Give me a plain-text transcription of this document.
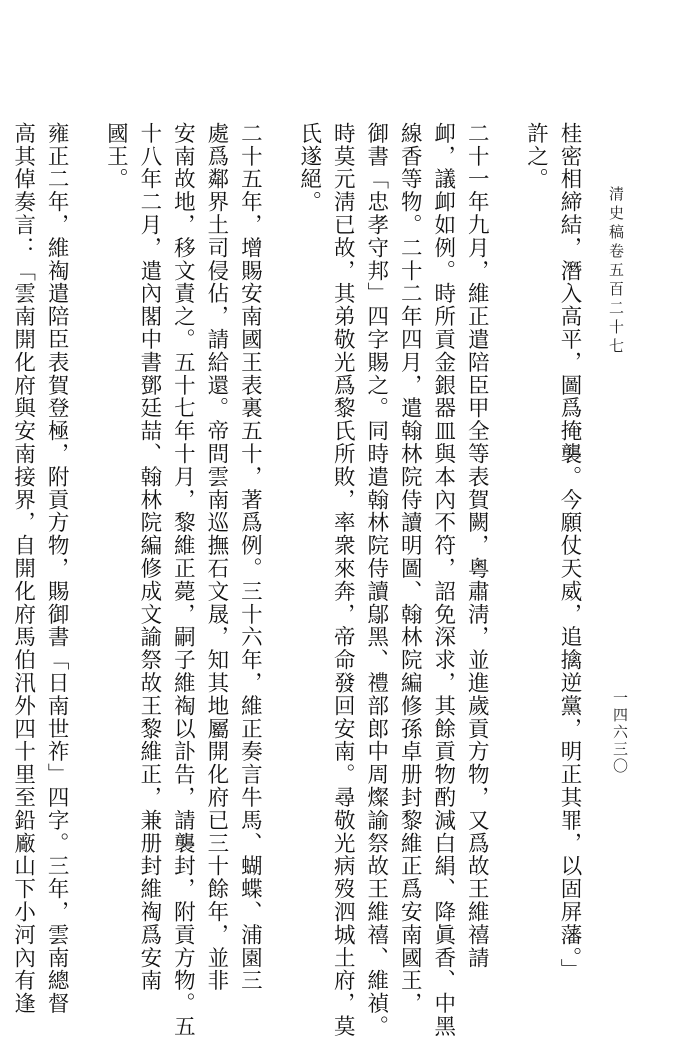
清史稿卷五百二十七
一四六三〇
桂密相締結，潛入高平，圖爲掩襲。今願仗天威，追擒逆黨，明正其罪，以固屏藩。」
許之。
二十一年九月，維正遣陪臣甲全等表賀闕，粵肅淸，並進歲貢方物，又爲故王維禧請
卹，議卹如例。時所貢金銀器皿與本內不符，詔免深求，其餘貢物酌減白絹、降眞香、中黑
線香等物。二十二年四月，遣翰林院侍讀明圖、翰林院編修孫卓册封黎維正爲安南國王，
御書「忠孝守邦」四字賜之。同時遣翰林院侍讀鄔黑、禮部郎中周燦諭祭故王維禧、維禎。
時莫元淸已故，其弟敬光爲黎氏所敗，率衆來奔，帝命發回安南。尋敬光病歿泗城土府，莫
氏遂絕。
二十五年，增賜安南國王表裏五十，著爲例。三十六年，維正奏言牛馬、蝴蝶、浦園三
處爲鄰界土司侵佔，請給還。帝問雲南巡撫石文晟，知其地屬開化府已三十餘年，並非
安南故地，移文責之。五十七年十月，黎維正薨，嗣子維祹以訃告，請襲封，附貢方物。五
十八年二月，遣內閣中書鄧廷喆、翰林院編修成文諭祭故王黎維正，兼册封維祹爲安南
國王。
雍正二年，維祹遣陪臣表賀登極，附貢方物，賜御書「日南世祚」四字。三年，雲南總督
高其倬奏言：「雲南開化府與安南接界，自開化府馬伯汛外四十里至鉛廠山下小河內有逢
